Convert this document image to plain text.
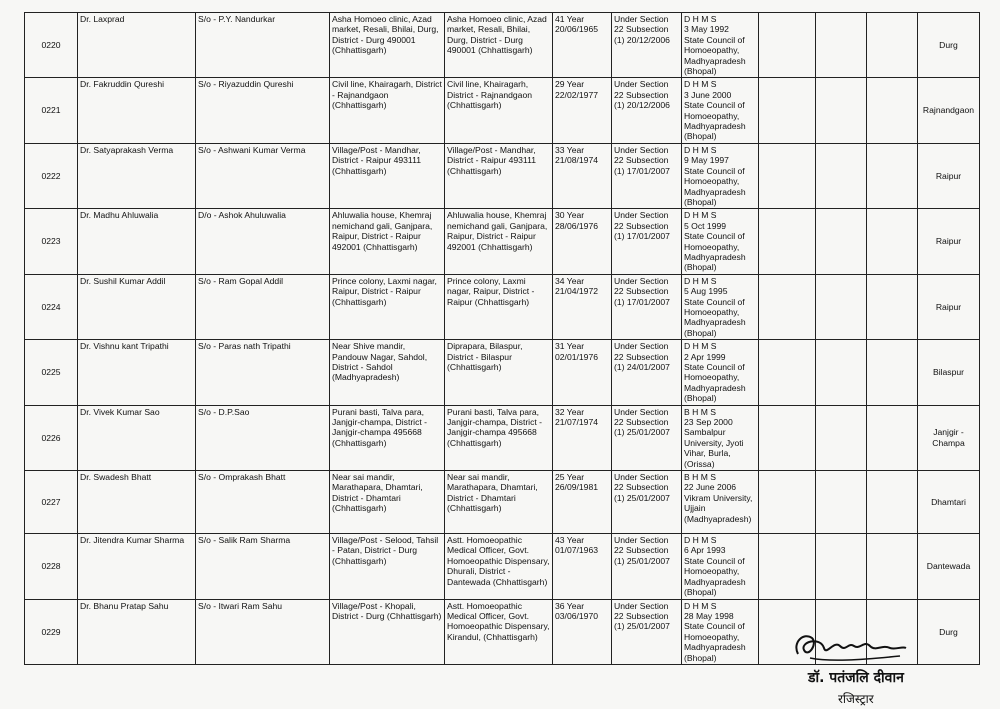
0220	Dr. Laxprad	S/o - P.Y. Nandurkar	Asha Homoeo clinic, Azad market, Resali, Bhilai, Durg, District - Durg 490001 (Chhattisgarh)	Asha Homoeo clinic, Azad market, Resali, Bhilai, Durg, District - Durg 490001 (Chhattisgarh)	41 Year
20/06/1965	Under Section 22 Subsection (1) 20/12/2006	D H M S
3 May 1992
State Council of Homoeopathy, Madhyapradesh (Bhopal)				Durg
0221	Dr. Fakruddin Qureshi	S/o - Riyazuddin Qureshi	Civil line, Khairagarh, District - Rajnandgaon (Chhattisgarh)	Civil line, Khairagarh, District - Rajnandgaon (Chhattisgarh)	29 Year
22/02/1977	Under Section 22 Subsection (1) 20/12/2006	D H M S
3 June 2000
State Council of Homoeopathy, Madhyapradesh (Bhopal)				Rajnandgaon
0222	Dr. Satyaprakash Verma	S/o - Ashwani Kumar Verma	Village/Post - Mandhar, District - Raipur 493111 (Chhattisgarh)	Village/Post - Mandhar, District - Raipur 493111 (Chhattisgarh)	33 Year
21/08/1974	Under Section 22 Subsection (1) 17/01/2007	D H M S
9 May 1997
State Council of Homoeopathy, Madhyapradesh (Bhopal)				Raipur
0223	Dr. Madhu Ahluwalia	D/o - Ashok Ahuluwalia	Ahluwalia house, Khemraj nemichand gali, Ganjpara, Raipur, District - Raipur 492001 (Chhattisgarh)	Ahluwalia house, Khemraj nemichand gali, Ganjpara, Raipur, District - Raipur 492001 (Chhattisgarh)	30 Year
28/06/1976	Under Section 22 Subsection (1) 17/01/2007	D H M S
5 Oct 1999
State Council of Homoeopathy, Madhyapradesh (Bhopal)				Raipur
0224	Dr. Sushil Kumar Addil	S/o - Ram Gopal Addil	Prince colony, Laxmi nagar, Raipur, District - Raipur (Chhattisgarh)	Prince colony, Laxmi nagar, Raipur, District - Raipur (Chhattisgarh)	34 Year
21/04/1972	Under Section 22 Subsection (1) 17/01/2007	D H M S
5 Aug 1995
State Council of Homoeopathy, Madhyapradesh (Bhopal)				Raipur
0225	Dr. Vishnu kant Tripathi	S/o - Paras nath Tripathi	Near Shive mandir, Pandouw Nagar, Sahdol, District - Sahdol (Madhyapradesh)	Diprapara, Bilaspur, District - Bilaspur (Chhattisgarh)	31 Year
02/01/1976	Under Section 22 Subsection (1) 24/01/2007	D H M S
2 Apr 1999
State Council of Homoeopathy, Madhyapradesh (Bhopal)				Bilaspur
0226	Dr. Vivek Kumar Sao	S/o - D.P.Sao	Purani basti, Talva para, Janjgir-champa, District - Janjgir-champa 495668 (Chhattisgarh)	Purani basti, Talva para, Janjgir-champa, District - Janjgir-champa 495668 (Chhattisgarh)	32 Year
21/07/1974	Under Section 22 Subsection (1) 25/01/2007	B H M S
23 Sep 2000
Sambalpur University, Jyoti Vihar, Burla, (Orissa)				Janjgir - Champa
0227	Dr. Swadesh Bhatt	S/o - Omprakash Bhatt	Near sai mandir, Marathapara, Dhamtari, District - Dhamtari (Chhattisgarh)	Near sai mandir, Marathapara, Dhamtari, District - Dhamtari (Chhattisgarh)	25 Year
26/09/1981	Under Section 22 Subsection (1) 25/01/2007	B H M S
22 June 2006
Vikram University, Ujjain (Madhyapradesh)				Dhamtari
0228	Dr. Jitendra Kumar Sharma	S/o - Salik Ram Sharma	Village/Post - Selood, Tahsil - Patan, District - Durg (Chhattisgarh)	Astt. Homoeopathic Medical Officer, Govt. Homoeopathic Dispensary, Dhurali, District - Dantewada (Chhattisgarh)	43 Year
01/07/1963	Under Section 22 Subsection (1) 25/01/2007	D H M S
6 Apr 1993
State Council of Homoeopathy, Madhyapradesh (Bhopal)				Dantewada
0229	Dr. Bhanu Pratap Sahu	S/o - Itwari Ram Sahu	Village/Post - Khopali, District - Durg (Chhattisgarh)	Astt. Homoeopathic Medical Officer, Govt. Homoeopathic Dispensary, Kirandul, (Chhattisgarh)	36 Year
03/06/1970	Under Section 22 Subsection (1) 25/01/2007	D H M S
28 May 1998
State Council of Homoeopathy, Madhyapradesh (Bhopal)				Durg
डॉ. पतंजलि दीवान
रजिस्ट्रार
